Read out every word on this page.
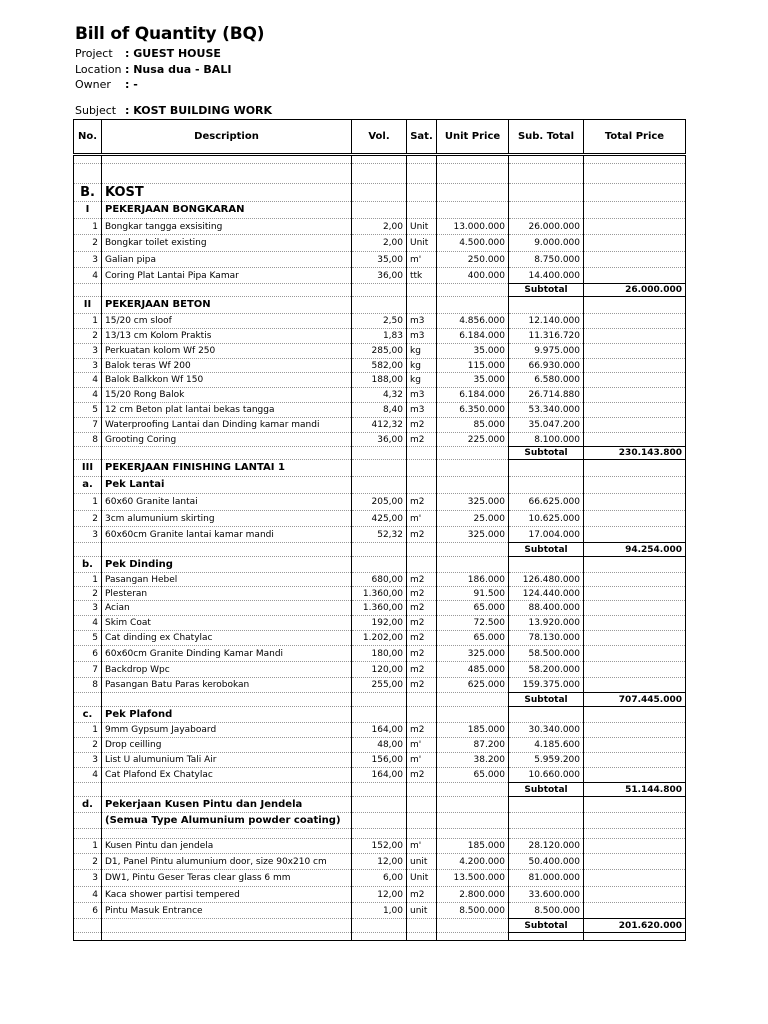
Bill of Quantity (BQ)
Project : GUEST HOUSE
Location : Nusa dua - BALI
Owner : -
Subject : KOST BUILDING WORK
No.	Description	Vol.	Sat.	Unit Price	Sub. Total	Total Price

B.	KOST					
I	PEKERJAAN BONGKARAN					
1	Bongkar tangga exsisiting	2,00	Unit	13.000.000	26.000.000	
2	Bongkar toilet existing	2,00	Unit	4.500.000	9.000.000	
3	Galian pipa	35,00	m'	250.000	8.750.000	
4	Coring Plat Lantai Pipa Kamar	36,00	ttk	400.000	14.400.000	
					Subtotal	26.000.000
II	PEKERJAAN BETON					
1	15/20 cm sloof	2,50	m3	4.856.000	12.140.000	
2	13/13 cm Kolom Praktis	1,83	m3	6.184.000	11.316.720	
3	Perkuatan kolom Wf 250	285,00	kg	35.000	9.975.000	
3	Balok teras Wf 200	582,00	kg	115.000	66.930.000	
4	Balok Balkkon Wf 150	188,00	kg	35.000	6.580.000	
4	15/20 Rong Balok	4,32	m3	6.184.000	26.714.880	
5	12 cm Beton plat lantai bekas tangga	8,40	m3	6.350.000	53.340.000	
7	Waterproofing Lantai dan Dinding kamar mandi	412,32	m2	85.000	35.047.200	
8	Grooting Coring	36,00	m2	225.000	8.100.000	
					Subtotal	230.143.800
III	PEKERJAAN FINISHING LANTAI 1					
a.	Pek Lantai					
1	60x60 Granite lantai	205,00	m2	325.000	66.625.000	
2	3cm alumunium skirting	425,00	m'	25.000	10.625.000	
3	60x60cm Granite lantai kamar mandi	52,32	m2	325.000	17.004.000	
					Subtotal	94.254.000
b.	Pek Dinding					
1	Pasangan Hebel	680,00	m2	186.000	126.480.000	
2	Plesteran	1.360,00	m2	91.500	124.440.000	
3	Acian	1.360,00	m2	65.000	88.400.000	
4	Skim Coat	192,00	m2	72.500	13.920.000	
5	Cat dinding ex Chatylac	1.202,00	m2	65.000	78.130.000	
6	60x60cm Granite Dinding Kamar Mandi	180,00	m2	325.000	58.500.000	
7	Backdrop Wpc	120,00	m2	485.000	58.200.000	
8	Pasangan Batu Paras kerobokan	255,00	m2	625.000	159.375.000	
					Subtotal	707.445.000
c.	Pek Plafond					
1	9mm Gypsum Jayaboard	164,00	m2	185.000	30.340.000	
2	Drop ceilling	48,00	m'	87.200	4.185.600	
3	List U alumunium Tali Air	156,00	m'	38.200	5.959.200	
4	Cat Plafond Ex Chatylac	164,00	m2	65.000	10.660.000	
					Subtotal	51.144.800
d.	Pekerjaan Kusen Pintu dan Jendela					
	(Semua Type Alumunium powder coating)					

1	Kusen Pintu dan jendela	152,00	m'	185.000	28.120.000	
2	D1, Panel Pintu alumunium door, size 90x210 cm	12,00	unit	4.200.000	50.400.000	
3	DW1, Pintu Geser Teras clear glass 6 mm	6,00	Unit	13.500.000	81.000.000	
4	Kaca shower partisi tempered	12,00	m2	2.800.000	33.600.000	
6	Pintu Masuk Entrance	1,00	unit	8.500.000	8.500.000	
					Subtotal	201.620.000
